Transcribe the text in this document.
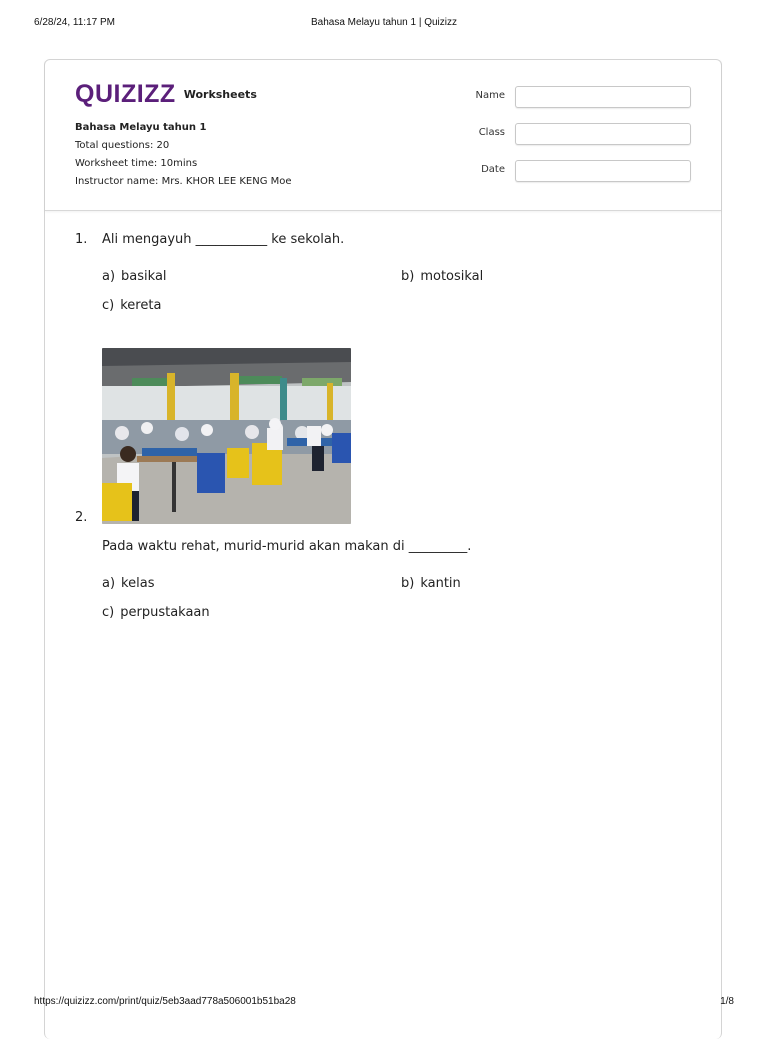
6/28/24, 11:17 PM	Bahasa Melayu tahun 1 | Quizizz
QUIZIZZ Worksheets
Bahasa Melayu tahun 1
Total questions: 20
Worksheet time: 10mins
Instructor name: Mrs. KHOR LEE KENG Moe
Name
Class
Date
1. Ali mengayuh ___________ ke sekolah.
a) basikal	b) motosikal
c) kereta
2.
Pada waktu rehat, murid-murid akan makan di _________.
a) kelas	b) kantin
c) perpustakaan
https://quizizz.com/print/quiz/5eb3aad778a506001b51ba28	1/8
